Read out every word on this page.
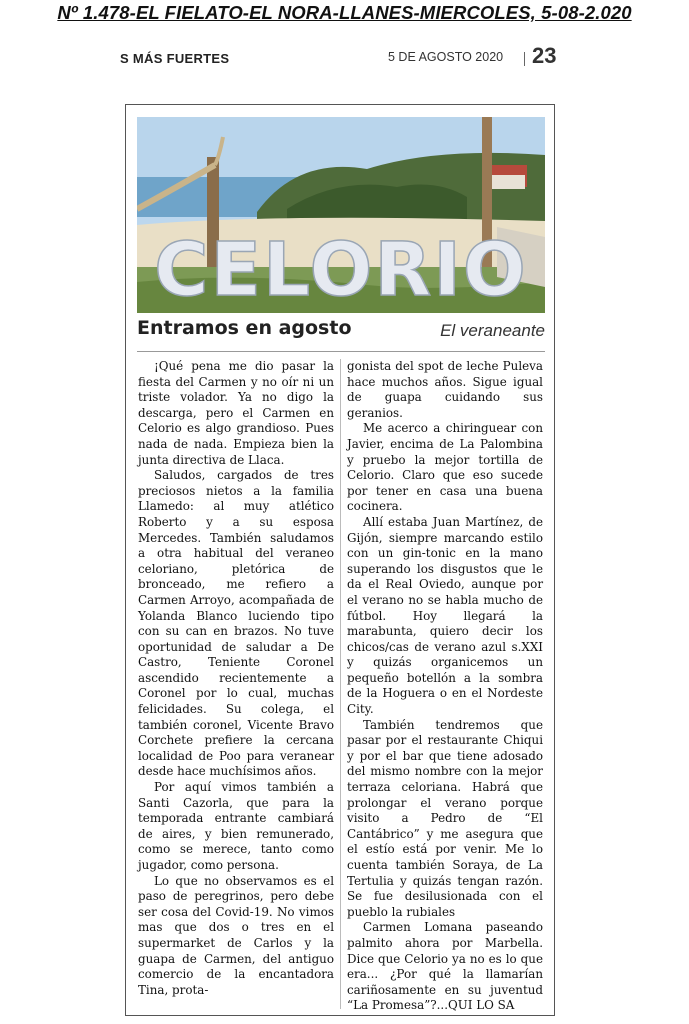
Nº 1.478-EL FIELATO-EL NORA-LLANES-MIERCOLES, 5-08-2.020
S MÁS FUERTES	5 DE AGOSTO 2020 23
CELORIO
Entramos en agosto	El veraneante

¡Qué pena me dio pasar la fiesta del Carmen y no oír ni un triste volador. Ya no digo la descarga, pero el Carmen en Celorio es algo grandioso. Pues nada de nada. Empieza bien la junta directiva de Llaca.

Saludos, cargados de tres preciosos nietos a la familia Llamedo: al muy atlético Roberto y a su esposa Mercedes. También saludamos a otra habitual del veraneo celoriano, pletórica de bronceado, me refiero a Carmen Arroyo, acompañada de Yolanda Blanco luciendo tipo con su can en brazos. No tuve oportunidad de saludar a De Castro, Teniente Coronel ascendido recientemente a Coronel por lo cual, muchas felicidades. Su colega, el también coronel, Vicente Bravo Corchete prefiere la cercana localidad de Poo para veranear desde hace muchísimos años.

Por aquí vimos también a Santi Cazorla, que para la temporada entrante cambiará de aires, y bien remunerado, como se merece, tanto como jugador, como persona.

Lo que no observamos es el paso de peregrinos, pero debe ser cosa del Covid-19. No vimos mas que dos o tres en el supermarket de Carlos y la guapa de Carmen, del antiguo comercio de la encantadora Tina, prota-

gonista del spot de leche Puleva hace muchos años. Sigue igual de guapa cuidando sus geranios.

Me acerco a chiringuear con Javier, encima de La Palombina y pruebo la mejor tortilla de Celorio. Claro que eso sucede por tener en casa una buena cocinera.

Allí estaba Juan Martínez, de Gijón, siempre marcando estilo con un gin-tonic en la mano superando los disgustos que le da el Real Oviedo, aunque por el verano no se habla mucho de fútbol. Hoy llegará la marabunta, quiero decir los chicos/cas de verano azul s.XXI y quizás organicemos un pequeño botellón a la sombra de la Hoguera o en el Nordeste City.

También tendremos que pasar por el restaurante Chiqui y por el bar que tiene adosado del mismo nombre con la mejor terraza celoriana. Habrá que prolongar el verano porque visito a Pedro de “El Cantábrico” y me asegura que el estío está por venir. Me lo cuenta también Soraya, de La Tertulia y quizás tengan razón. Se fue desilusionada con el pueblo la rubiales

Carmen Lomana paseando palmito ahora por Marbella. Dice que Celorio ya no es lo que era... ¿Por qué la llamarían cariñosamente en su juventud “La Promesa”?...QUI LO SA
